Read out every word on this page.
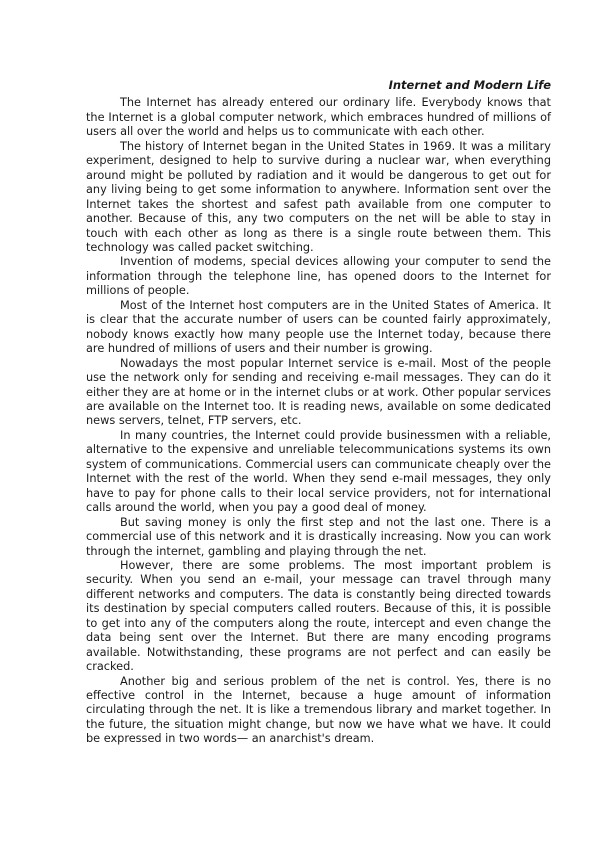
Internet and Modern Life

The Internet has already entered our ordinary life. Everybody knows that the Internet is a global computer network, which embraces hundred of millions of users all over the world and helps us to communicate with each other.

The history of Internet began in the United States in 1969. It was a military experiment, designed to help to survive during a nuclear war, when everything around might be polluted by radiation and it would be dangerous to get out for any living being to get some information to anywhere. Information sent over the Internet takes the shortest and safest path available from one computer to another. Because of this, any two computers on the net will be able to stay in touch with each other as long as there is a single route between them. This technology was called packet switching.

Invention of modems, special devices allowing your computer to send the information through the telephone line, has opened doors to the Internet for millions of people.

Most of the Internet host computers are in the United States of America. It is clear that the accurate number of users can be counted fairly approximately, nobody knows exactly how many people use the Internet today, because there are hundred of millions of users and their number is growing.

Nowadays the most popular Internet service is e-mail. Most of the people use the network only for sending and receiving e-mail messages. They can do it either they are at home or in the internet clubs or at work. Other popular services are available on the Internet too. It is reading news, available on some dedicated news servers, telnet, FTP servers, etc.

In many countries, the Internet could provide businessmen with a reliable, alternative to the expensive and unreliable telecommunications systems its own system of communications. Commercial users can communicate cheaply over the Internet with the rest of the world. When they send e-mail messages, they only have to pay for phone calls to their local service providers, not for international calls around the world, when you pay a good deal of money.

But saving money is only the first step and not the last one. There is a commercial use of this network and it is drastically increasing. Now you can work through the internet, gambling and playing through the net.

However, there are some problems. The most important problem is security. When you send an e-mail, your message can travel through many different networks and computers. The data is constantly being directed towards its destination by special computers called routers. Because of this, it is possible to get into any of the computers along the route, intercept and even change the data being sent over the Internet. But there are many encoding programs available. Notwithstanding, these programs are not perfect and can easily be cracked.

Another big and serious problem of the net is control. Yes, there is no effective control in the Internet, because a huge amount of information circulating through the net. It is like a tremendous library and market together. In the future, the situation might change, but now we have what we have. It could be expressed in two words— an anarchist's dream.
